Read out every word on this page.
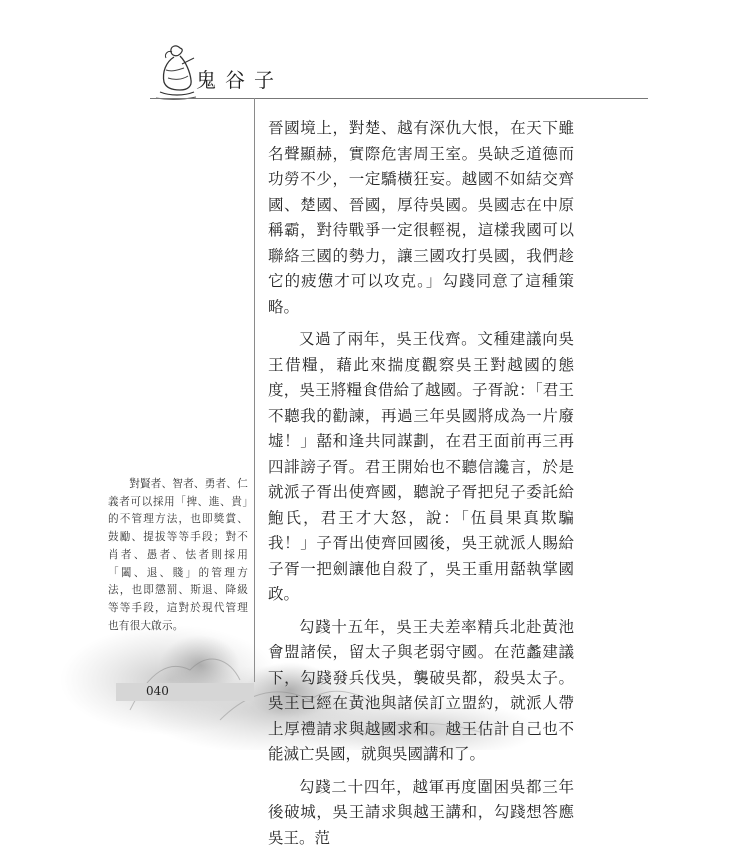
鬼谷子

晉國境上，對楚、越有深仇大恨，在天下雖名聲顯赫，實際危害周王室。吳缺乏道德而功勞不少，一定驕橫狂妄。越國不如結交齊國、楚國、晉國，厚待吳國。吳國志在中原稱霸，對待戰爭一定很輕視，這樣我國可以聯絡三國的勢力，讓三國攻打吳國，我們趁它的疲憊才可以攻克。」勾踐同意了這種策略。

又過了兩年，吳王伐齊。文種建議向吳王借糧，藉此來揣度觀察吳王對越國的態度，吳王將糧食借給了越國。子胥說：「君王不聽我的勸諫，再過三年吳國將成為一片廢墟！」嚭和逢共同謀劃，在君王面前再三再四誹謗子胥。君王開始也不聽信讒言，於是就派子胥出使齊國，聽說子胥把兒子委託給鮑氏，君王才大怒，說：「伍員果真欺騙我！」子胥出使齊回國後，吳王就派人賜給子胥一把劍讓他自殺了，吳王重用嚭執掌國政。

勾踐十五年，吳王夫差率精兵北赴黃池會盟諸侯，留太子與老弱守國。在范蠡建議下，勾踐發兵伐吳，襲破吳都，殺吳太子。吳王已經在黃池與諸侯訂立盟約，就派人帶上厚禮請求與越國求和。越王估計自己也不能滅亡吳國，就與吳國講和了。

勾踐二十四年，越軍再度圍困吳都三年後破城，吳王請求與越王講和，勾踐想答應吳王。范

對賢者、智者、勇者、仁義者可以採用「捭、進、貴」的不管理方法，也即獎賞、鼓勵、提拔等等手段；對不肖者、愚者、怯者則採用「闔、退、賤」的管理方法，也即懲罰、斯退、降級等等手段，這對於現代管理也有很大啟示。
040
